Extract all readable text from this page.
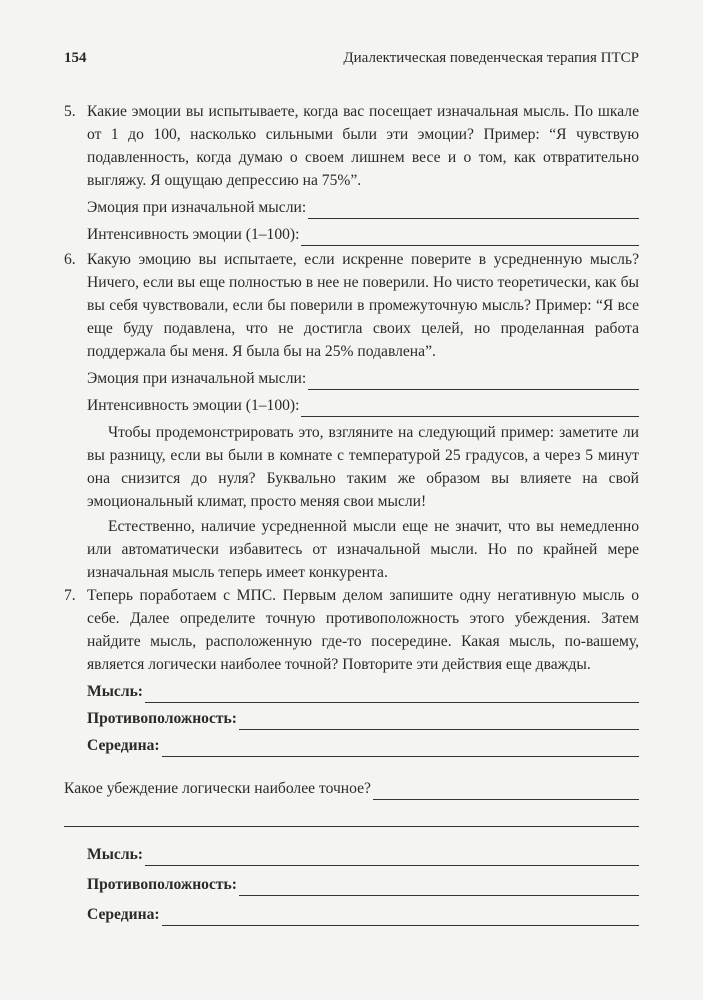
154	Диалектическая поведенческая терапия ПТСР
5. Какие эмоции вы испытываете, когда вас посещает изначальная мысль. По шкале от 1 до 100, насколько сильными были эти эмоции? Пример: “Я чувствую подавленность, когда думаю о своем лишнем весе и о том, как отвратительно выгляжу. Я ощущаю депрессию на 75%”.

Эмоция при изначальной мысли:
Интенсивность эмоции (1–100):
6. Какую эмоцию вы испытаете, если искренне поверите в усредненную мысль? Ничего, если вы еще полностью в нее не поверили. Но чисто теоретически, как бы вы себя чувствовали, если бы поверили в промежуточную мысль? Пример: “Я все еще буду подавлена, что не достигла своих целей, но проделанная работа поддержала бы меня. Я была бы на 25% подавлена”.

Эмоция при изначальной мысли:
Интенсивность эмоции (1–100):

Чтобы продемонстрировать это, взгляните на следующий пример: заметите ли вы разницу, если вы были в комнате с температурой 25 градусов, а через 5 минут она снизится до нуля? Буквально таким же образом вы влияете на свой эмоциональный климат, просто меняя свои мысли!

Естественно, наличие усредненной мысли еще не значит, что вы немедленно или автоматически избавитесь от изначальной мысли. Но по крайней мере изначальная мысль теперь имеет конкурента.

7. Теперь поработаем с МПС. Первым делом запишите одну негативную мысль о себе. Далее определите точную противоположность этого убеждения. Затем найдите мысль, расположенную где-то посередине. Какая мысль, по-вашему, является логически наиболее точной? Повторите эти действия еще дважды.

Мысль:
Противоположность:
Середина:
Какое убеждение логически наиболее точное?
Мысль:
Противоположность:
Середина:
